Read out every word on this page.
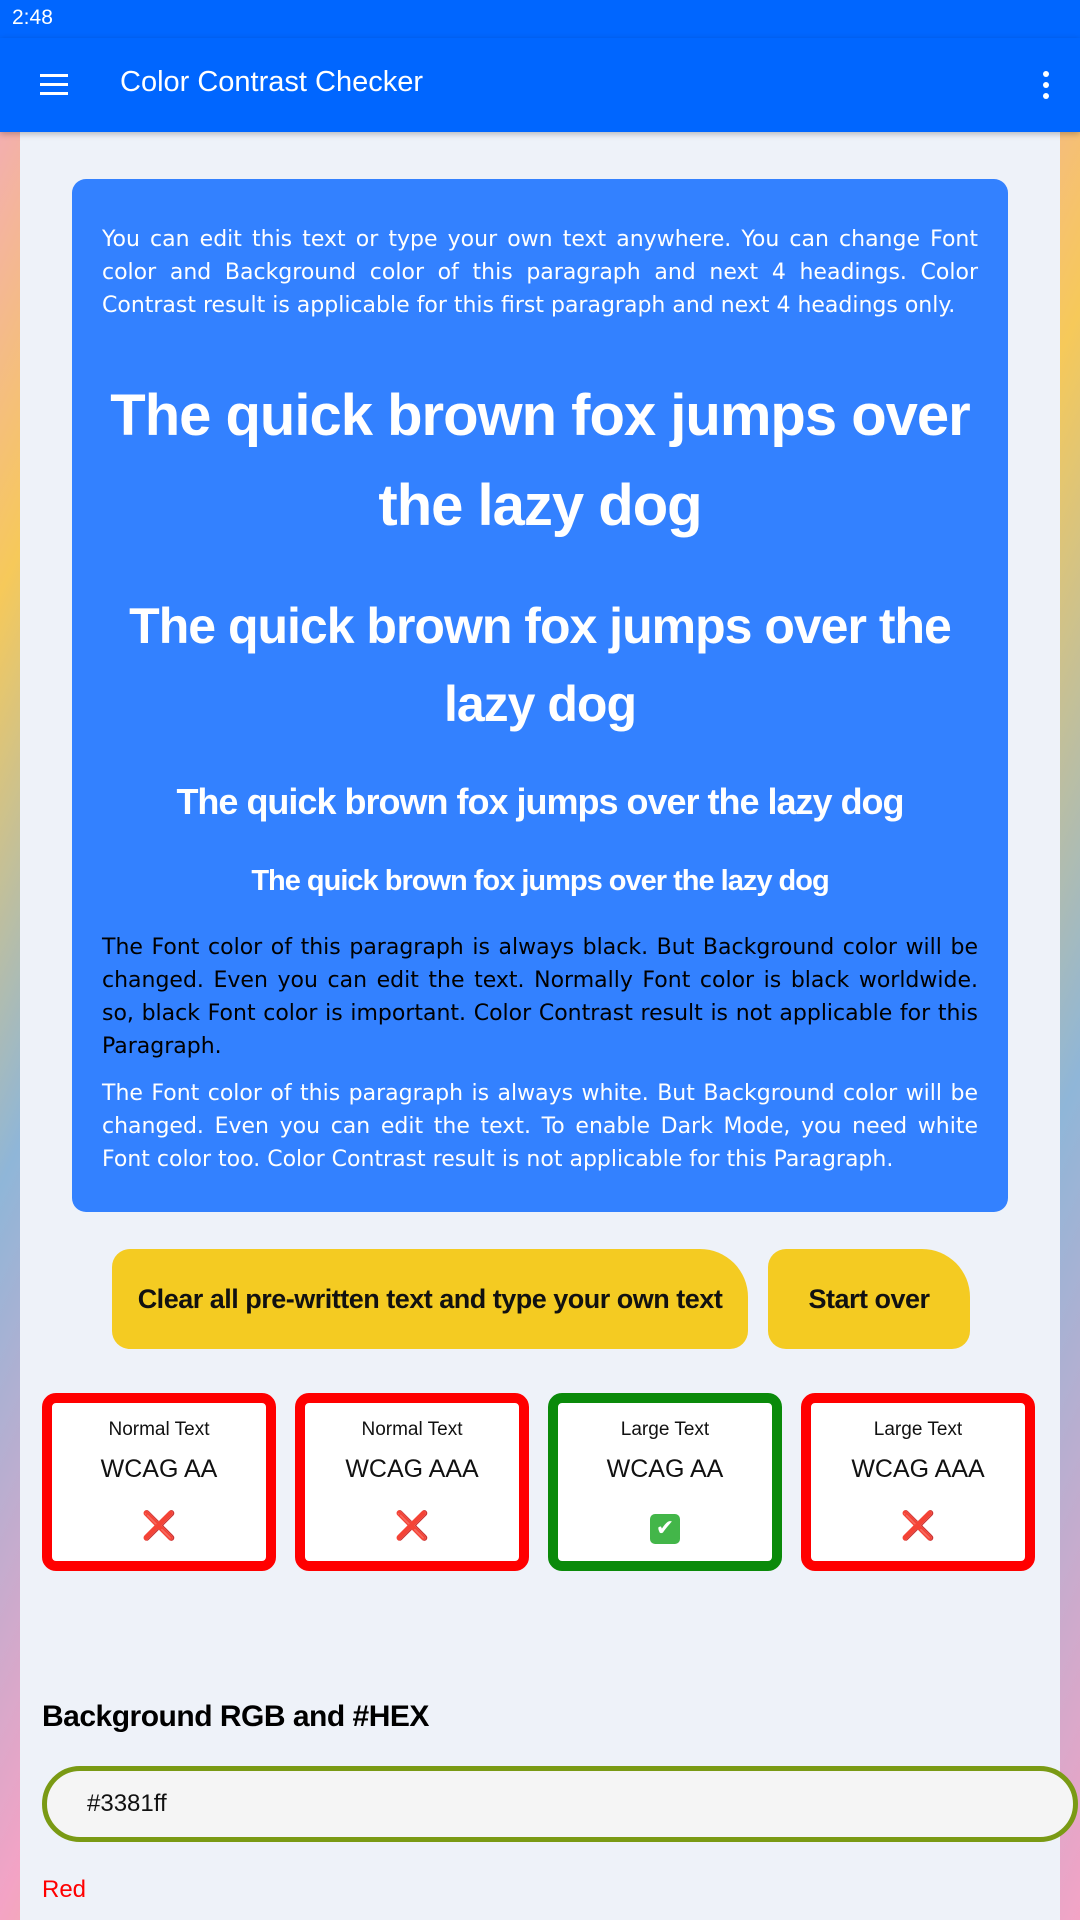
2:48
Color Contrast Checker

You can edit this text or type your own text anywhere. You can change Font color and Background color of this paragraph and next 4 headings. Color Contrast result is applicable for this first paragraph and next 4 headings only.

The quick brown fox jumps over the lazy dog
The quick brown fox jumps over the lazy dog
The quick brown fox jumps over the lazy dog
The quick brown fox jumps over the lazy dog

The Font color of this paragraph is always black. But Background color will be changed. Even you can edit the text. Normally Font color is black worldwide. so, black Font color is important. Color Contrast result is not applicable for this Paragraph.

The Font color of this paragraph is always white. But Background color will be changed. Even you can edit the text. To enable Dark Mode, you need white Font color too. Color Contrast result is not applicable for this Paragraph.

Clear all pre-written text and type your own text	Start over
Normal Text
WCAG AA
❌
Normal Text
WCAG AAA
❌
Large Text
WCAG AA
✔
Large Text
WCAG AAA
❌
Background RGB and #HEX
#3381ff
Red
